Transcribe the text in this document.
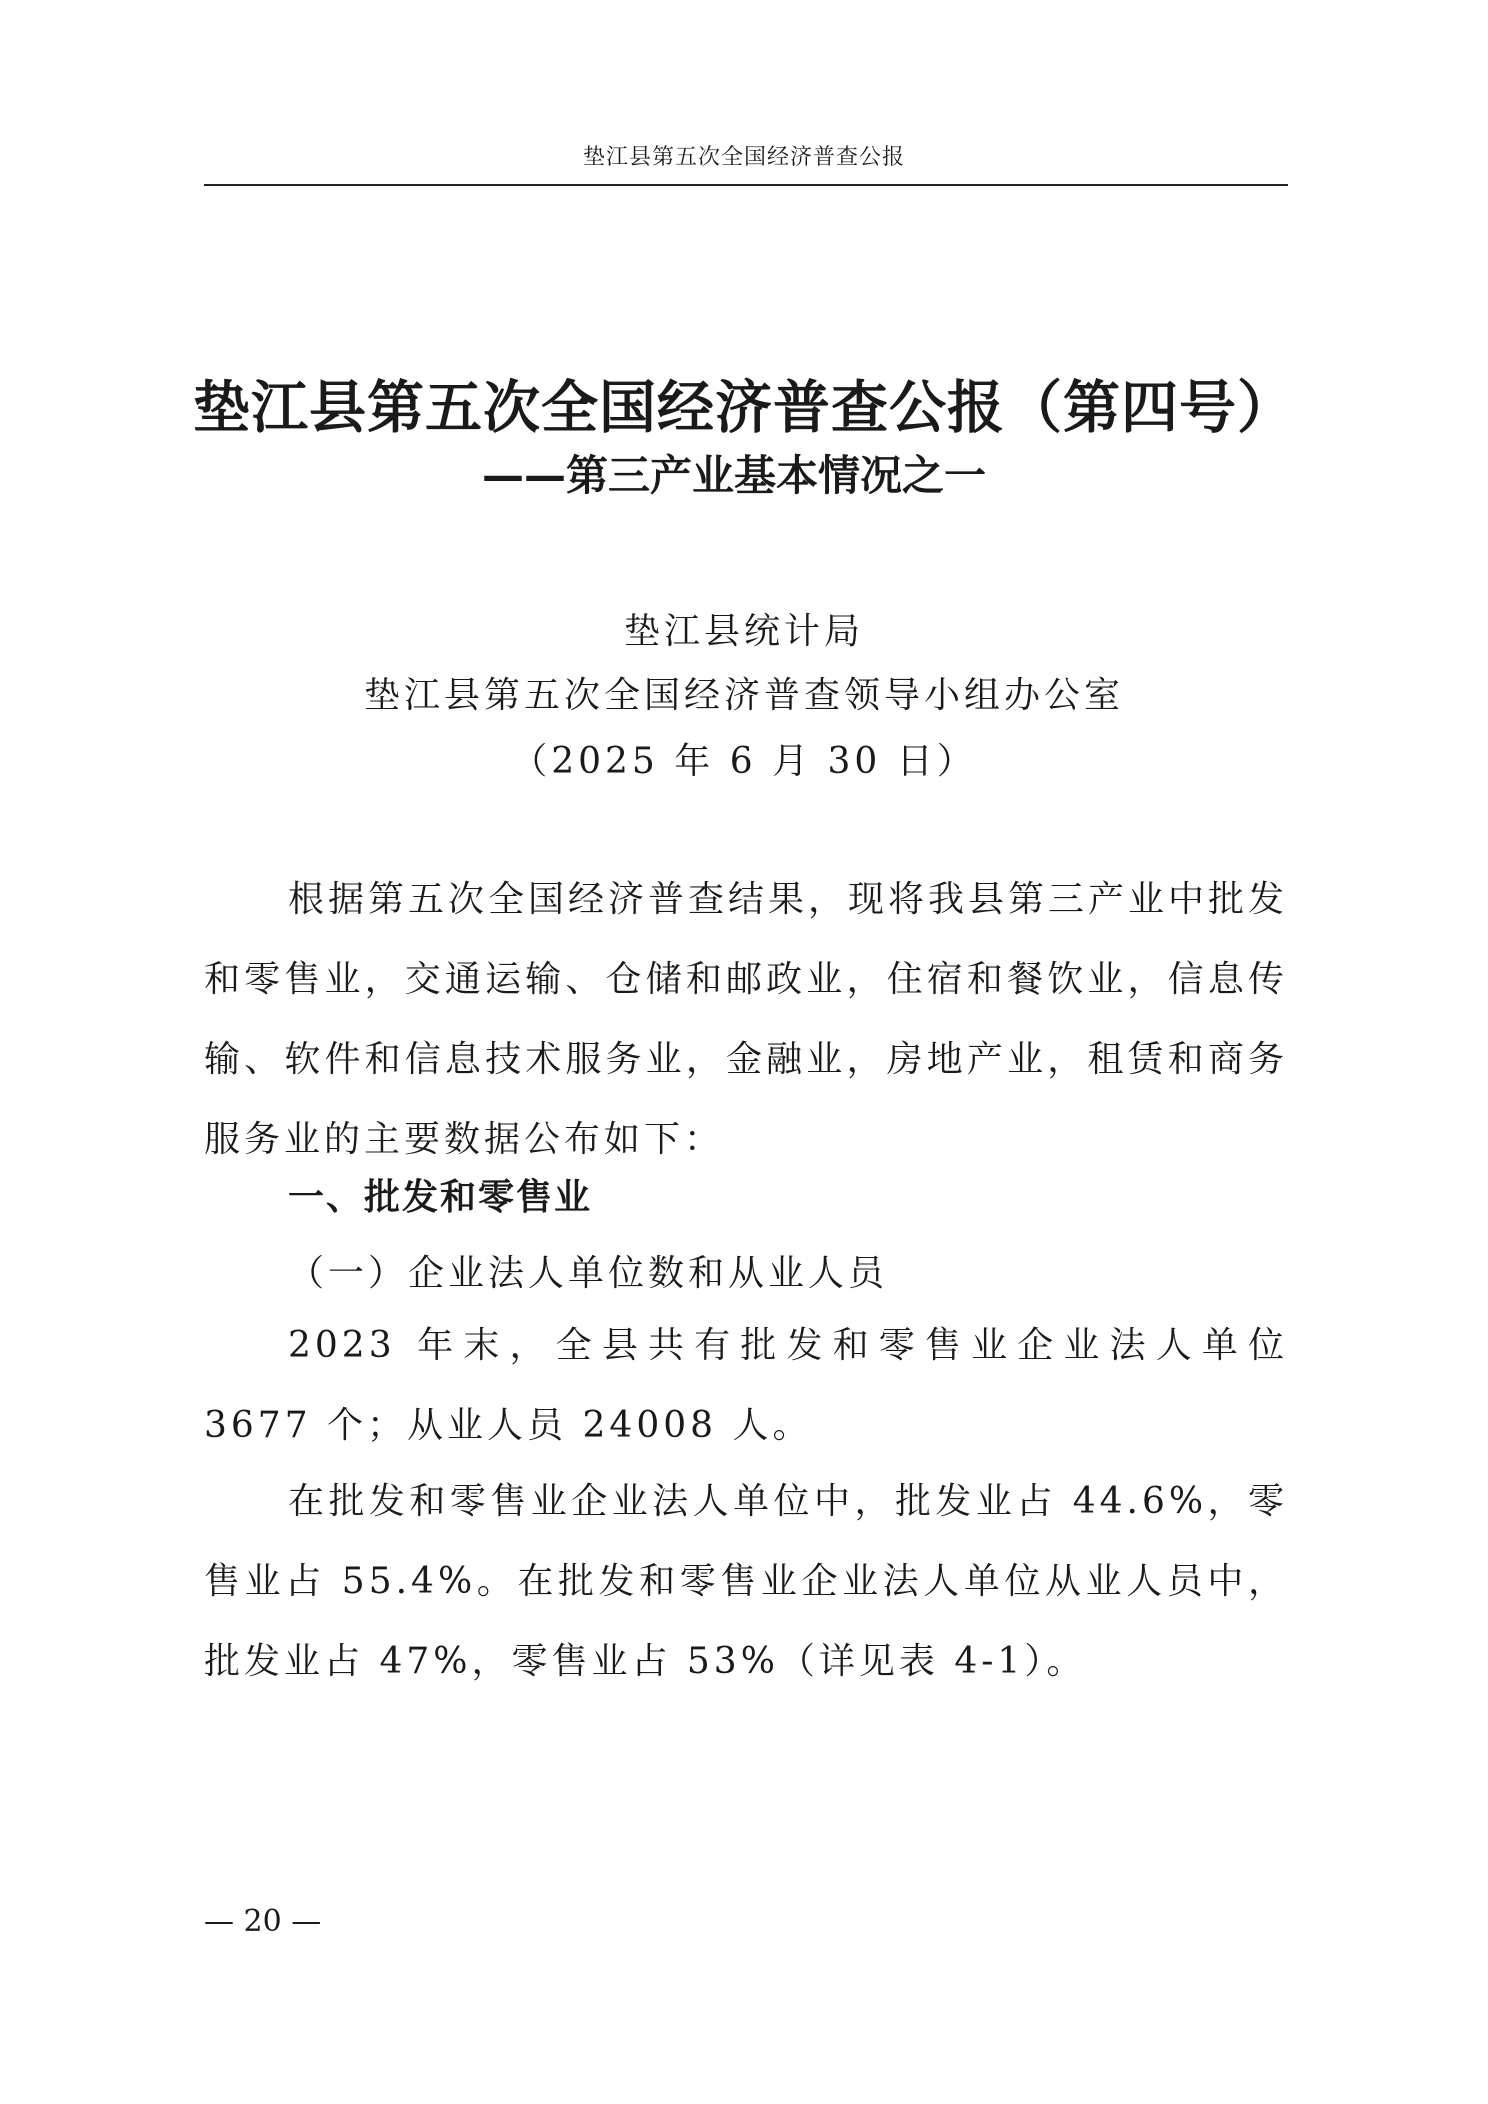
垫江县第五次全国经济普查公报
垫江县第五次全国经济普查公报（第四号）
——第三产业基本情况之一
垫江县统计局
垫江县第五次全国经济普查领导小组办公室
（2025 年 6 月 30 日）
根据第五次全国经济普查结果，现将我县第三产业中批发和零售业，交通运输、仓储和邮政业，住宿和餐饮业，信息传输、软件和信息技术服务业，金融业，房地产业，租赁和商务服务业的主要数据公布如下：
一、批发和零售业
（一）企业法人单位数和从业人员
2023 年末，全县共有批发和零售业企业法人单位 3677 个；从业人员 24008 人。
在批发和零售业企业法人单位中，批发业占 44.6%，零售业占 55.4%。在批发和零售业企业法人单位从业人员中，批发业占 47%，零售业占 53%（详见表 4-1）。
— 20 —
